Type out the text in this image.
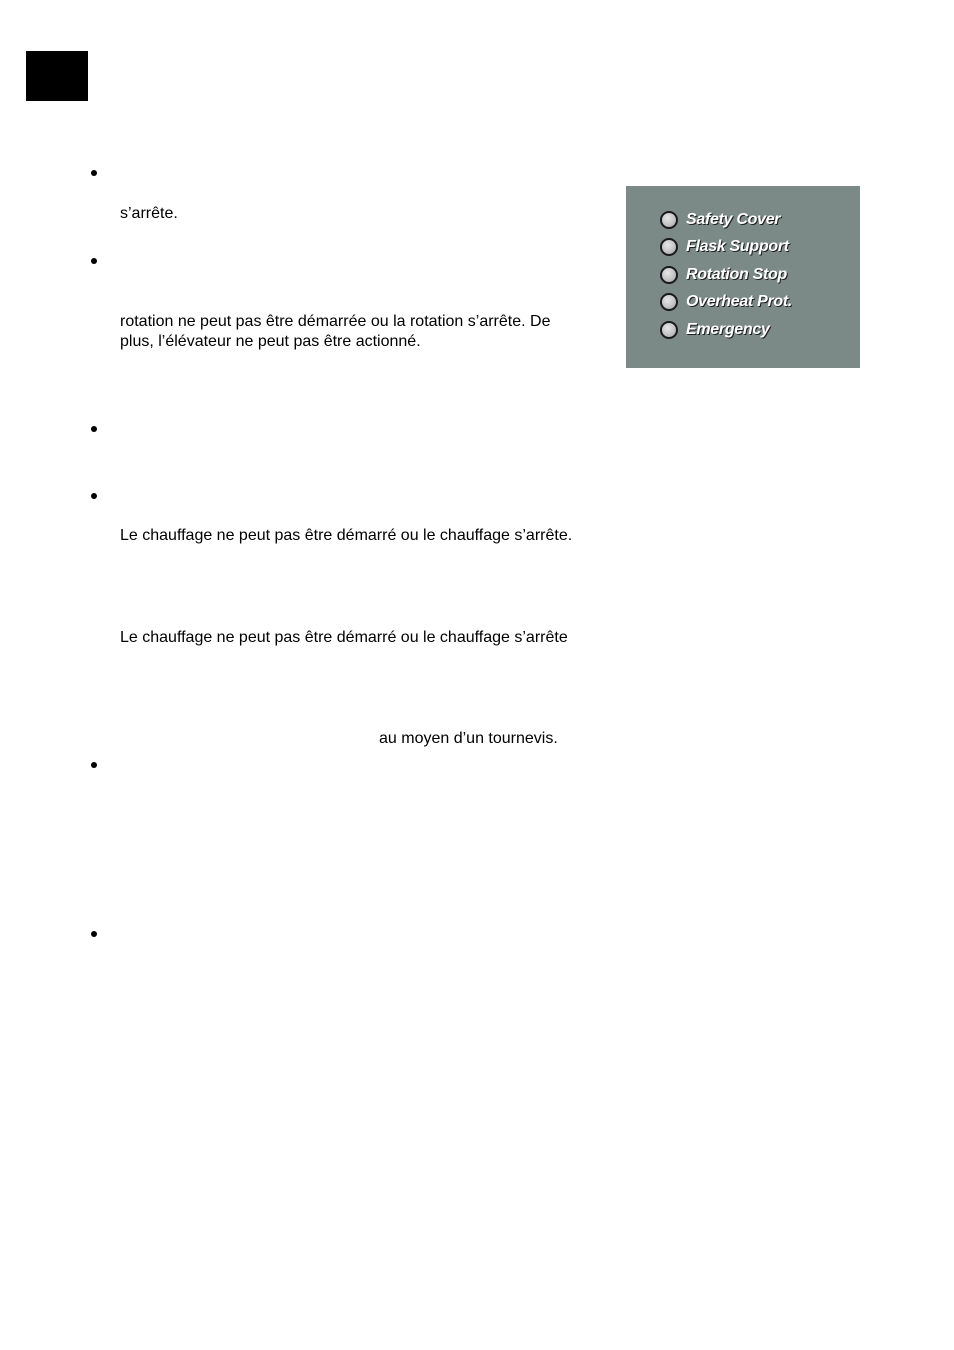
s’arrête.
rotation ne peut pas être démarrée ou la rotation s’arrête. De
plus, l’élévateur ne peut pas être actionné.
Le chauffage ne peut pas être démarré ou le chauffage s’arrête.
Le chauffage ne peut pas être démarré ou le chauffage s’arrête
au moyen d’un tournevis.
Safety Cover
Flask Support
Rotation Stop
Overheat Prot.
Emergency
